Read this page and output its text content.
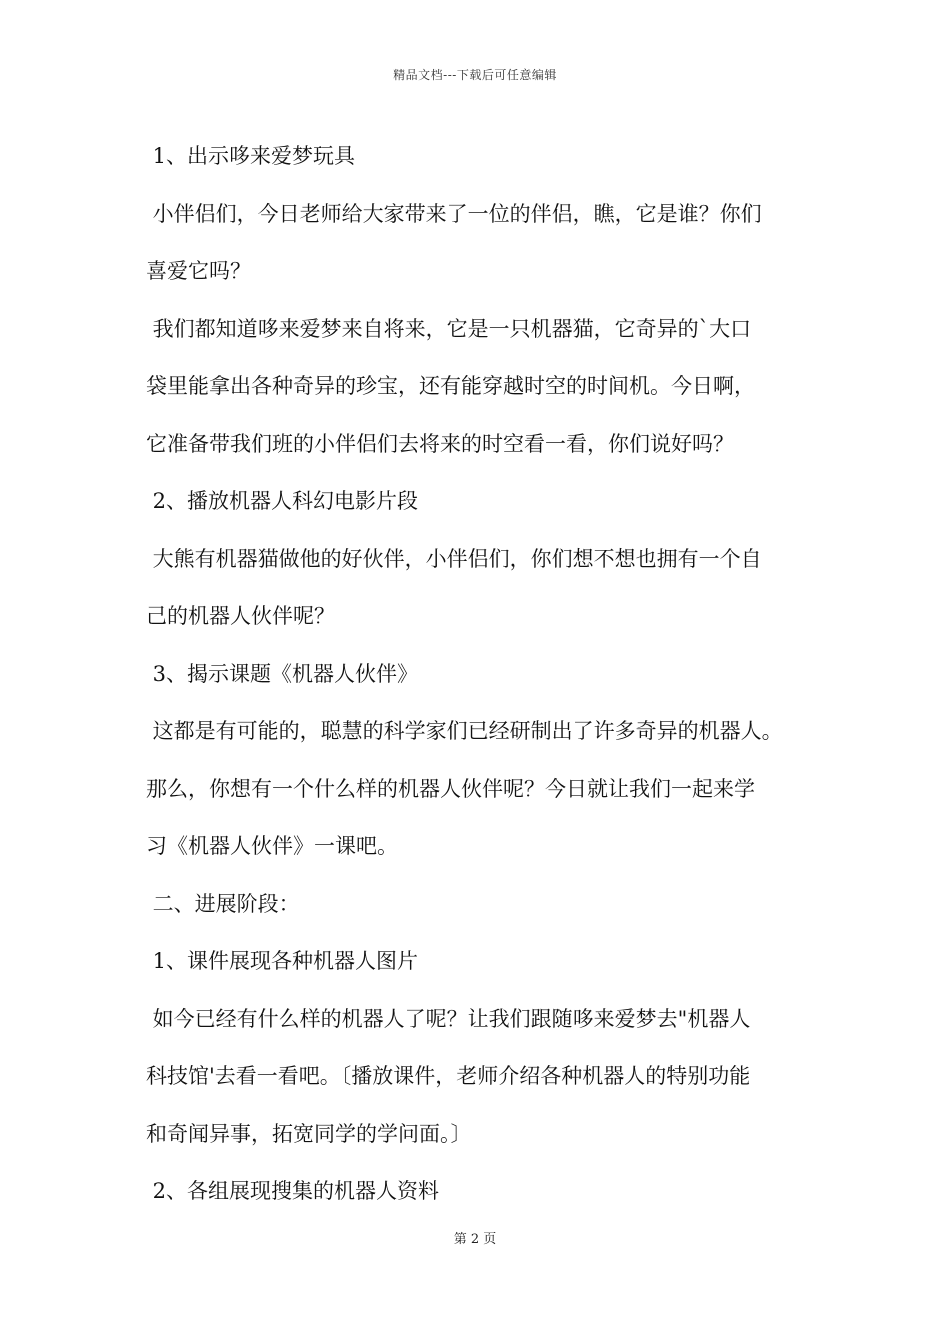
精品文档---下载后可任意编辑
1、出示哆来爱梦玩具
小伴侣们，今日老师给大家带来了一位的伴侣，瞧，它是谁？你们
喜爱它吗？
我们都知道哆来爱梦来自将来，它是一只机器猫，它奇异的`大口
袋里能拿出各种奇异的珍宝，还有能穿越时空的时间机。今日啊，
它准备带我们班的小伴侣们去将来的时空看一看，你们说好吗？
2、播放机器人科幻电影片段
大熊有机器猫做他的好伙伴，小伴侣们，你们想不想也拥有一个自
己的机器人伙伴呢？
3、揭示课题《机器人伙伴》
这都是有可能的，聪慧的科学家们已经研制出了许多奇异的机器人。
那么，你想有一个什么样的机器人伙伴呢？今日就让我们一起来学
习《机器人伙伴》一课吧。
二、进展阶段：
1、课件展现各种机器人图片
如今已经有什么样的机器人了呢？让我们跟随哆来爱梦去"机器人
科技馆'去看一看吧。〔播放课件，老师介绍各种机器人的特别功能
和奇闻异事，拓宽同学的学问面。〕
2、各组展现搜集的机器人资料
第 2 页
